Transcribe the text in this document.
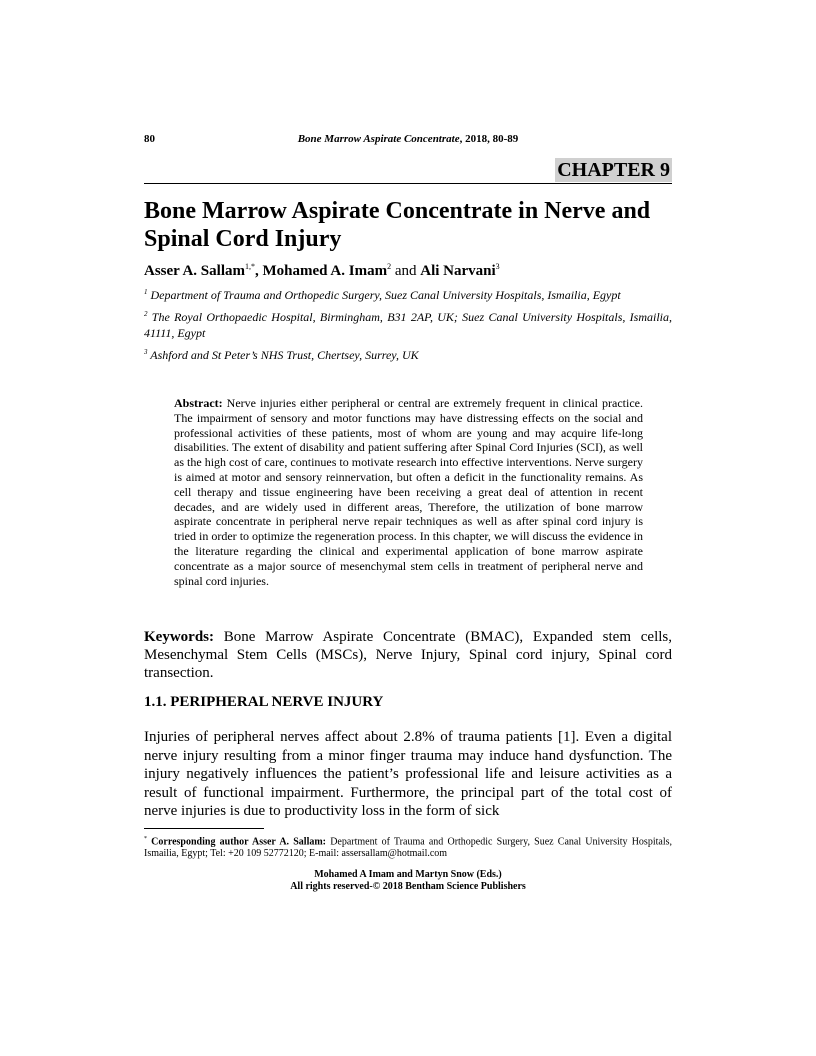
80	Bone Marrow Aspirate Concentrate, 2018, 80-89
CHAPTER 9
Bone Marrow Aspirate Concentrate in Nerve and Spinal Cord Injury
Asser A. Sallam$^{1,*}$, Mohamed A. Imam$^2$ and Ali Narvani$^3$
$^1$ Department of Trauma and Orthopedic Surgery, Suez Canal University Hospitals, Ismailia, Egypt
$^2$ The Royal Orthopaedic Hospital, Birmingham, B31 2AP, UK; Suez Canal University Hospitals, Ismailia, 41111, Egypt
$^3$ Ashford and St Peter’s NHS Trust, Chertsey, Surrey, UK
Abstract: Nerve injuries either peripheral or central are extremely frequent in clinical practice. The impairment of sensory and motor functions may have distressing effects on the social and professional activities of these patients, most of whom are young and may acquire life-long disabilities. The extent of disability and patient suffering after Spinal Cord Injuries (SCI), as well as the high cost of care, continues to motivate research into effective interventions. Nerve surgery is aimed at motor and sensory reinnervation, but often a deficit in the functionality remains. As cell therapy and tissue engineering have been receiving a great deal of attention in recent decades, and are widely used in different areas, Therefore, the utilization of bone marrow aspirate concentrate in peripheral nerve repair techniques as well as after spinal cord injury is tried in order to optimize the regeneration process. In this chapter, we will discuss the evidence in the literature regarding the clinical and experimental application of bone marrow aspirate concentrate as a major source of mesenchymal stem cells in treatment of peripheral nerve and spinal cord injuries.
Keywords: Bone Marrow Aspirate Concentrate (BMAC), Expanded stem cells, Mesenchymal Stem Cells (MSCs), Nerve Injury, Spinal cord injury, Spinal cord transection.
1.1. PERIPHERAL NERVE INJURY
Injuries of peripheral nerves affect about 2.8% of trauma patients [1]. Even a digital nerve injury resulting from a minor finger trauma may induce hand dysfunction. The injury negatively influences the patient’s professional life and leisure activities as a result of functional impairment. Furthermore, the principal part of the total cost of nerve injuries is due to productivity loss in the form of sick
* Corresponding author Asser A. Sallam: Department of Trauma and Orthopedic Surgery, Suez Canal University Hospitals, Ismailia, Egypt; Tel: +20 109 52772120; E-mail: assersallam@hotmail.com
Mohamed A Imam and Martyn Snow (Eds.)
All rights reserved-© 2018 Bentham Science Publishers
